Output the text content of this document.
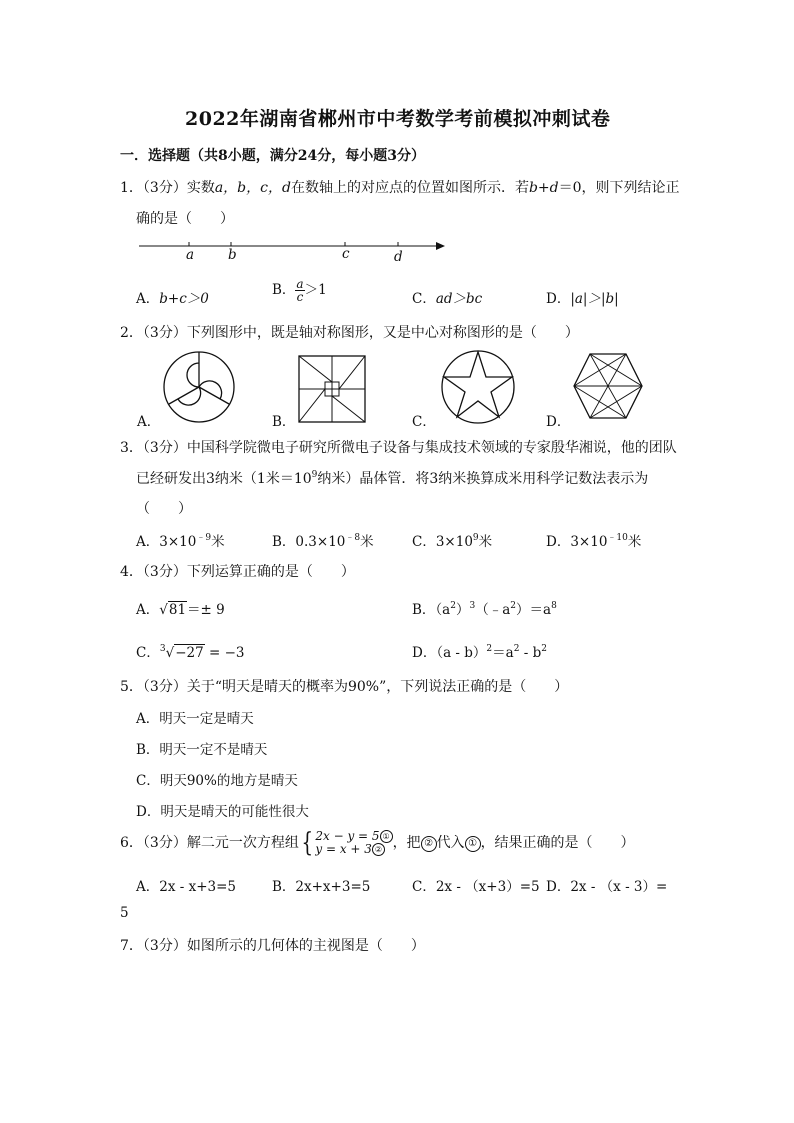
2022年湖南省郴州市中考数学考前模拟冲刺试卷
一．选择题（共8小题，满分24分，每小题3分）
1．（3分）实数a，b，c，d在数轴上的对应点的位置如图所示．若b+d＝0，则下列结论正
确的是（　　）
a	b	c	d
A．b+c＞0
B． $\frac{a}{c} >1$
C．ad＞bc	D．|a|＞|b|
2．（3分）下列图形中，既是轴对称图形，又是中心对称图形的是（　　）
A．	B．	C．	D．
3．（3分）中国科学院微电子研究所微电子设备与集成技术领域的专家殷华湘说，他的团队
已经研发出3纳米（1米$=10^9$纳米）晶体管．将3纳米换算成米用科学记数法表示为
（　　）
A．$3\times 10^{﹣9}$米	B．$0.3\times 10^{﹣8}$米	C．$3\times 10^9$米	D．$3\times 10^{﹣10}$米
4．（3分）下列运算正确的是（　　）
A．√81＝± 9	B．$(a^2)^3(﹣a^2)=a^8$
C．$^3$√−27 = −3	D．$(a - b)^2=a^2 - b^2$
5．（3分）关于“明天是晴天的概率为90%”，下列说法正确的是（　　）
A．明天一定是晴天
B．明天一定不是晴天
C．明天90%的地方是晴天
D．明天是晴天的可能性很大
6．（3分）解二元一次方程组{ 2x − y = 5 ①
y = x + 3 ② ，把 ② 代入 ① ，结果正确的是（　　）
A．2x - x+3=5	B．2x+x+3=5	C．2x - （x+3）=5 D．2x - （x - 3）=
5
7．（3分）如图所示的几何体的主视图是（　　）
